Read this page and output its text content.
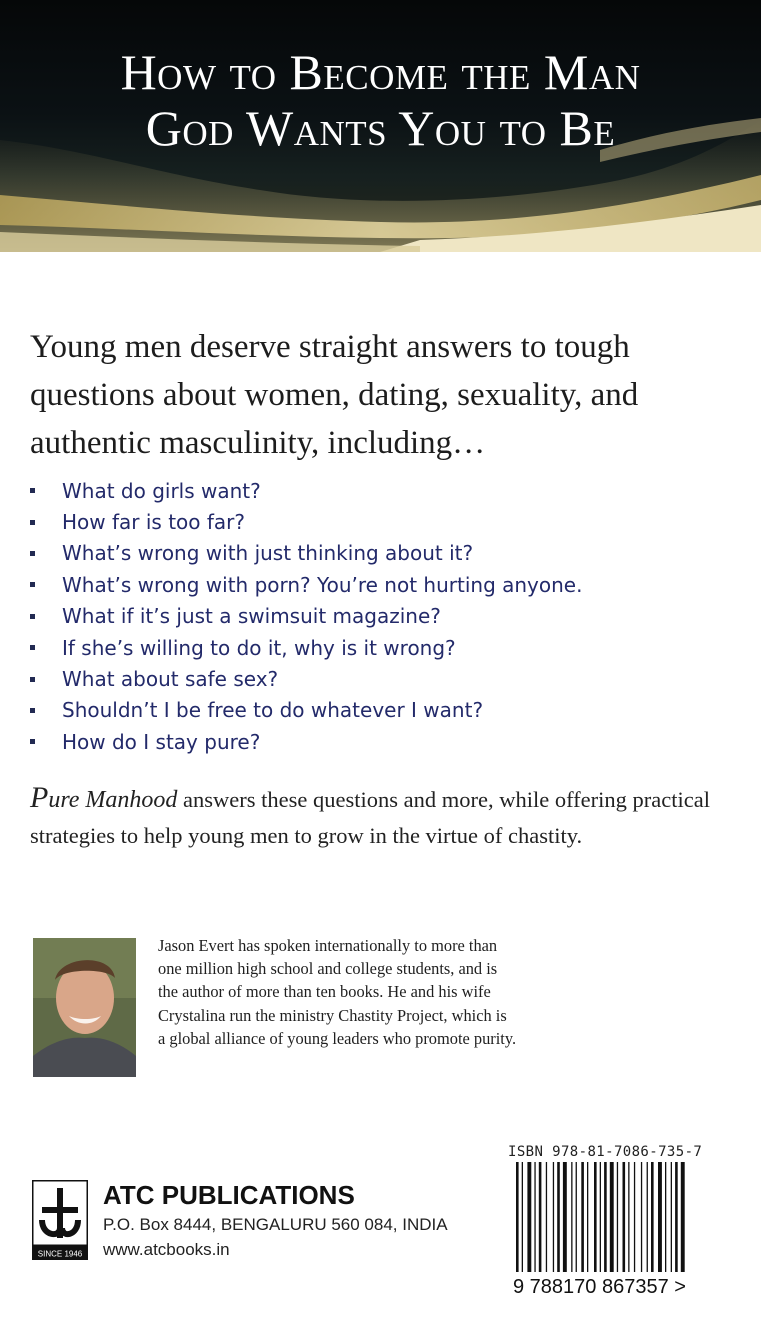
How to Become the Man
God Wants You to Be

Young men deserve straight answers to tough questions about women, dating, sexuality, and authentic masculinity, including…

What do girls want?
How far is too far?
What’s wrong with just thinking about it?
What’s wrong with porn? You’re not hurting anyone.
What if it’s just a swimsuit magazine?
If she’s willing to do it, why is it wrong?
What about safe sex?
Shouldn’t I be free to do whatever I want?
How do I stay pure?

Pure Manhood answers these questions and more, while offering practical strategies to help young men to grow in the virtue of chastity.

Jason Evert has spoken internationally to more than one million high school and college students, and is the author of more than ten books. He and his wife Crystalina run the ministry Chastity Project, which is a global alliance of young leaders who promote purity.

SINCE 1946
ATC PUBLICATIONS
P.O. Box 8444, BENGALURU 560 084, INDIA
www.atcbooks.in
ISBN 978-81-7086-735-7
9 788170 867357 >
